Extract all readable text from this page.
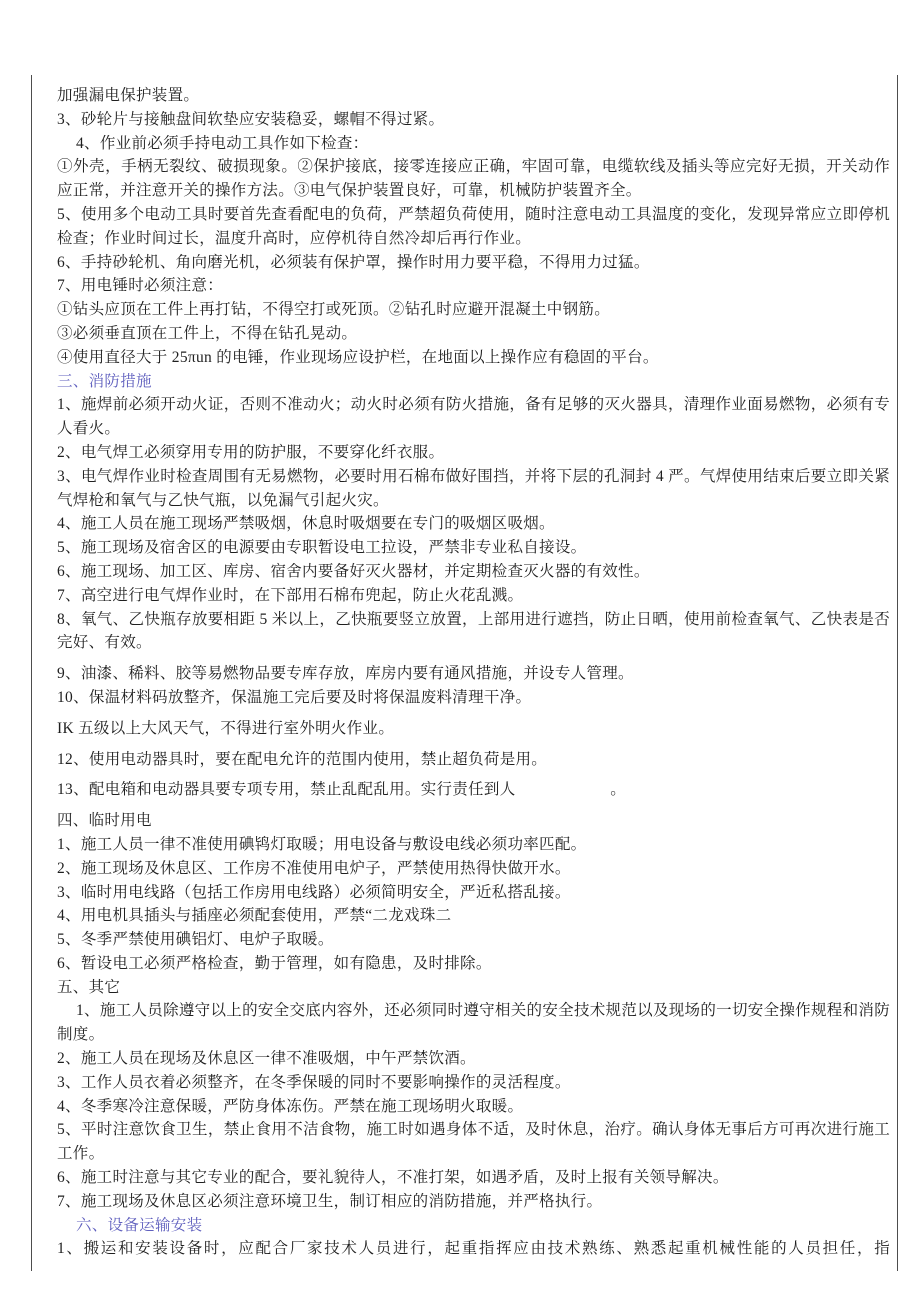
加强漏电保护装置。

3、砂轮片与接触盘间软垫应安装稳妥，螺帽不得过紧。

4、作业前必须手持电动工具作如下检查：

①外壳，手柄无裂纹、破损现象。②保护接底，接零连接应正确，牢固可靠，电缆软线及插头等应完好无损，开关动作应正常，并注意开关的操作方法。③电气保护装置良好，可靠，机械防护装置齐全。

5、使用多个电动工具时要首先查看配电的负荷，严禁超负荷使用，随时注意电动工具温度的变化，发现异常应立即停机检查；作业时间过长，温度升高时，应停机待自然冷却后再行作业。

6、手持砂轮机、角向磨光机，必须装有保护罩，操作时用力要平稳，不得用力过猛。

7、用电锤时必须注意：

①钻头应顶在工件上再打钻，不得空打或死顶。②钻孔时应避开混凝土中钢筋。

③必须垂直顶在工件上，不得在钻孔晃动。

④使用直径大于 25πun 的电锤，作业现场应设护栏，在地面以上操作应有稳固的平台。

三、消防措施

1、施焊前必须开动火证，否则不准动火；动火时必须有防火措施，备有足够的灭火器具，清理作业面易燃物，必须有专人看火。

2、电气焊工必须穿用专用的防护服，不要穿化纤衣服。

3、电气焊作业时检查周围有无易燃物，必要时用石棉布做好围挡，并将下层的孔洞封 4 严。气焊使用结束后要立即关紧气焊枪和氧气与乙快气瓶，以免漏气引起火灾。

4、施工人员在施工现场严禁吸烟，休息时吸烟要在专门的吸烟区吸烟。

5、施工现场及宿舍区的电源要由专职暂设电工拉设，严禁非专业私自接设。

6、施工现场、加工区、库房、宿舍内要备好灭火器材，并定期检查灭火器的有效性。

7、高空进行电气焊作业时，在下部用石棉布兜起，防止火花乱溅。

8、氧气、乙快瓶存放要相距 5 米以上，乙快瓶要竖立放置，上部用进行遮挡，防止日晒，使用前检查氧气、乙快表是否完好、有效。

9、油漆、稀料、胶等易燃物品要专库存放，库房内要有通风措施，并设专人管理。

10、保温材料码放整齐，保温施工完后要及时将保温废料清理干净。

IK 五级以上大风天气，不得进行室外明火作业。

12、使用电动器具时，要在配电允许的范围内使用，禁止超负荷是用。

13、配电箱和电动器具要专项专用，禁止乱配乱用。实行责任到人　　　　　　。

四、临时用电

1、施工人员一律不准使用碘鸨灯取暖；用电设备与敷设电线必须功率匹配。

2、施工现场及休息区、工作房不准使用电炉子，严禁使用热得快做开水。

3、临时用电线路（包括工作房用电线路）必须简明安全，严近私搭乱接。

4、用电机具插头与插座必须配套使用，严禁“二龙戏珠二

5、冬季严禁使用碘铝灯、电炉子取暖。

6、暂设电工必须严格检查，勤于管理，如有隐患，及时排除。

五、其它

1、施工人员除遵守以上的安全交底内容外，还必须同时遵守相关的安全技术规范以及现场的一切安全操作规程和消防制度。

2、施工人员在现场及休息区一律不准吸烟，中午严禁饮酒。

3、工作人员衣着必须整齐，在冬季保暖的同时不要影响操作的灵活程度。

4、冬季寒冷注意保暖，严防身体冻伤。严禁在施工现场明火取暖。

5、平时注意饮食卫生，禁止食用不洁食物，施工时如遇身体不适，及时休息，治疗。确认身体无事后方可再次进行施工工作。

6、施工时注意与其它专业的配合，要礼貌待人，不准打架，如遇矛盾，及时上报有关领导解决。

7、施工现场及休息区必须注意环境卫生，制订相应的消防措施，并严格执行。

六、设备运输安装

1、搬运和安装设备时，应配合厂家技术人员进行，起重指挥应由技术熟练、熟悉起重机械性能的人员担任，指
